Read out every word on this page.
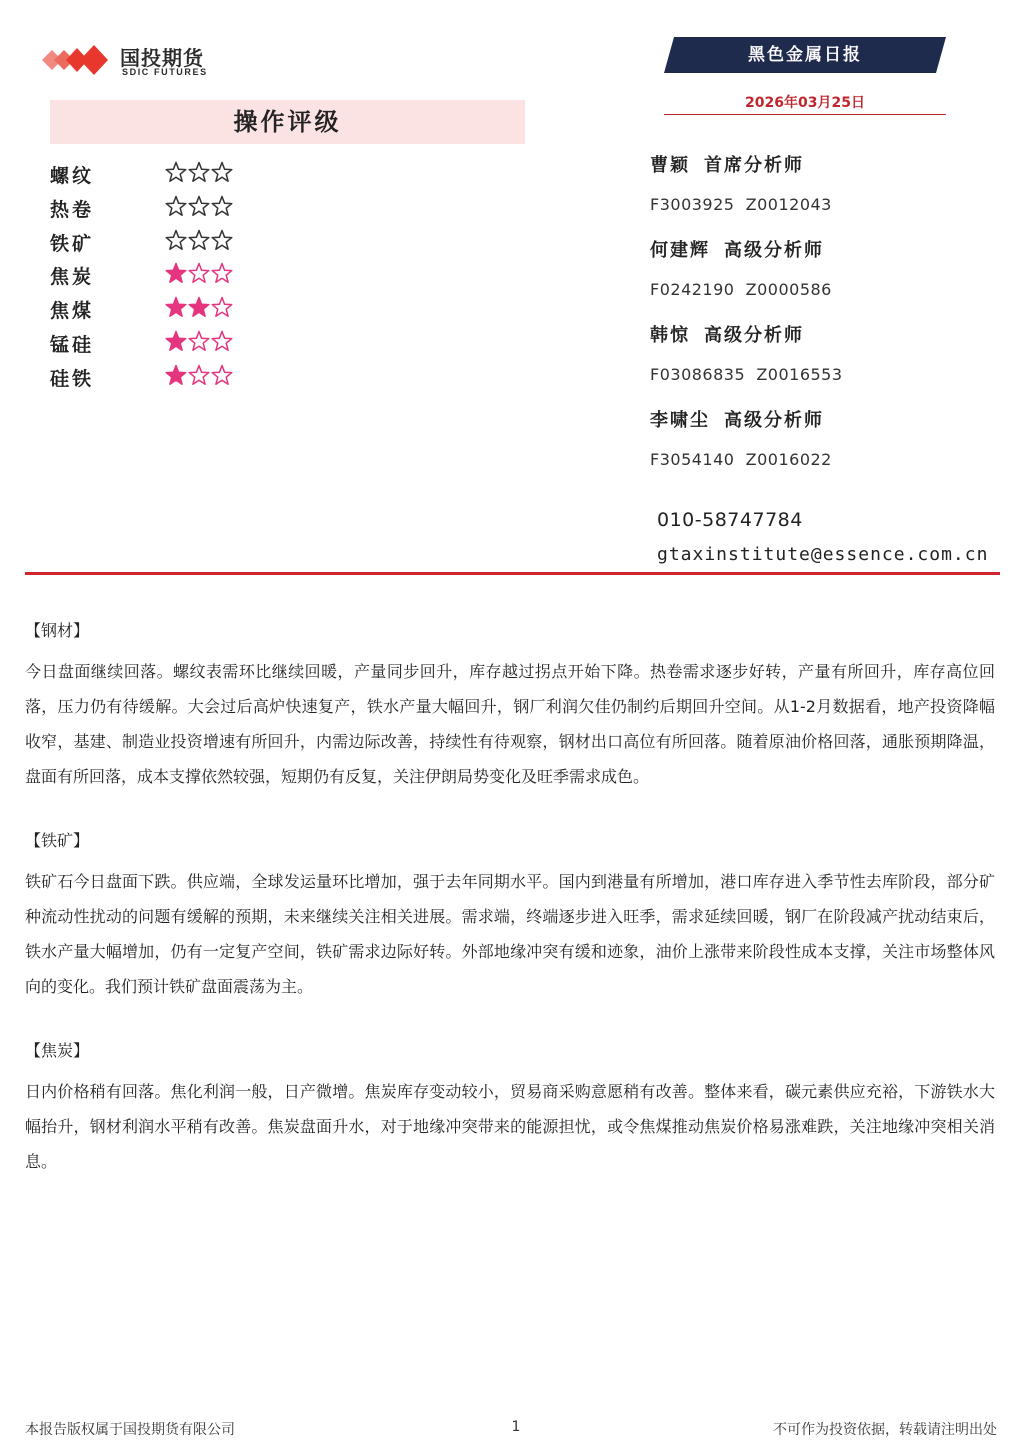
国投期货
SDIC FUTURES
黑色金属日报
2026年03月25日
操作评级
螺纹
热卷
铁矿
焦炭
焦煤
锰硅
硅铁
曹颖 首席分析师
F3003925  Z0012043
何建辉 高级分析师
F0242190  Z0000586
韩惊 高级分析师
F03086835  Z0016553
李啸尘 高级分析师
F3054140  Z0016022
010-58747784
gtaxinstitute@essence.com.cn
【钢材】
今日盘面继续回落。螺纹表需环比继续回暖，产量同步回升，库存越过拐点开始下降。热卷需求逐步好转，产量有所回升，库存高位回落，压力仍有待缓解。大会过后高炉快速复产，铁水产量大幅回升，钢厂利润欠佳仍制约后期回升空间。从1-2月数据看，地产投资降幅收窄，基建、制造业投资增速有所回升，内需边际改善，持续性有待观察，钢材出口高位有所回落。随着原油价格回落，通胀预期降温，盘面有所回落，成本支撑依然较强，短期仍有反复，关注伊朗局势变化及旺季需求成色。
【铁矿】
铁矿石今日盘面下跌。供应端，全球发运量环比增加，强于去年同期水平。国内到港量有所增加，港口库存进入季节性去库阶段，部分矿种流动性扰动的问题有缓解的预期，未来继续关注相关进展。需求端，终端逐步进入旺季，需求延续回暖，钢厂在阶段减产扰动结束后，铁水产量大幅增加，仍有一定复产空间，铁矿需求边际好转。外部地缘冲突有缓和迹象，油价上涨带来阶段性成本支撑，关注市场整体风向的变化。我们预计铁矿盘面震荡为主。
【焦炭】
日内价格稍有回落。焦化利润一般，日产微增。焦炭库存变动较小，贸易商采购意愿稍有改善。整体来看，碳元素供应充裕，下游铁水大幅抬升，钢材利润水平稍有改善。焦炭盘面升水，对于地缘冲突带来的能源担忧，或令焦煤推动焦炭价格易涨难跌，关注地缘冲突相关消息。
本报告版权属于国投期货有限公司	1	不可作为投资依据，转载请注明出处
